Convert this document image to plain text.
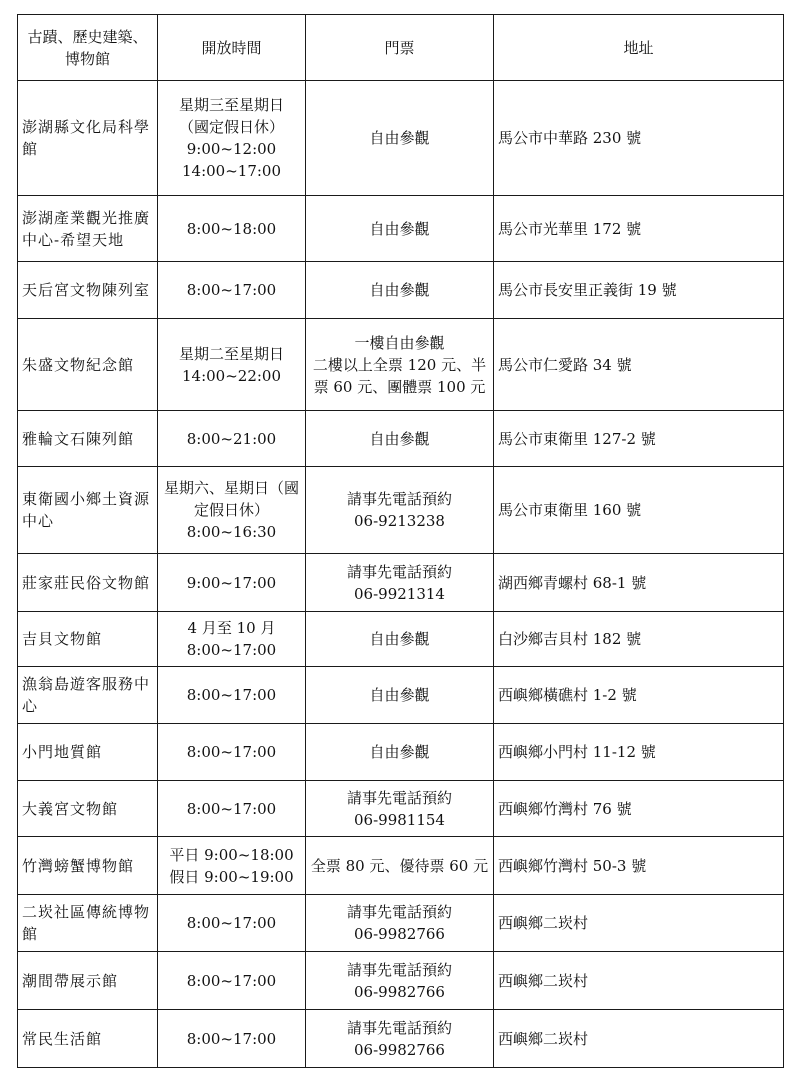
古蹟、歷史建築、
博物館	開放時間	門票	地址
澎湖縣文化局科學館	星期三至星期日
（國定假日休）
9:00~12:00
14:00~17:00	自由參觀	馬公市中華路 230 號
澎湖產業觀光推廣中心-希望天地	8:00~18:00	自由參觀	馬公市光華里 172 號
天后宮文物陳列室	8:00~17:00	自由參觀	馬公市長安里正義街 19 號
朱盛文物紀念館	星期二至星期日
14:00~22:00	一樓自由參觀
二樓以上全票 120 元、半票 60 元、團體票 100 元	馬公市仁愛路 34 號
雅輪文石陳列館	8:00~21:00	自由參觀	馬公市東衛里 127-2 號
東衛國小鄉土資源中心	星期六、星期日（國定假日休）
8:00~16:30	請事先電話預約
06-9213238	馬公市東衛里 160 號
莊家莊民俗文物館	9:00~17:00	請事先電話預約
06-9921314	湖西鄉青螺村 68-1 號
吉貝文物館	4 月至 10 月
8:00~17:00	自由參觀	白沙鄉吉貝村 182 號
漁翁島遊客服務中心	8:00~17:00	自由參觀	西嶼鄉橫礁村 1-2 號
小門地質館	8:00~17:00	自由參觀	西嶼鄉小門村 11-12 號
大義宮文物館	8:00~17:00	請事先電話預約
06-9981154	西嶼鄉竹灣村 76 號
竹灣螃蟹博物館	平日 9:00~18:00
假日 9:00~19:00	全票 80 元、優待票 60 元	西嶼鄉竹灣村 50-3 號
二崁社區傳統博物館	8:00~17:00	請事先電話預約
06-9982766	西嶼鄉二崁村
潮間帶展示館	8:00~17:00	請事先電話預約
06-9982766	西嶼鄉二崁村
常民生活館	8:00~17:00	請事先電話預約
06-9982766	西嶼鄉二崁村
